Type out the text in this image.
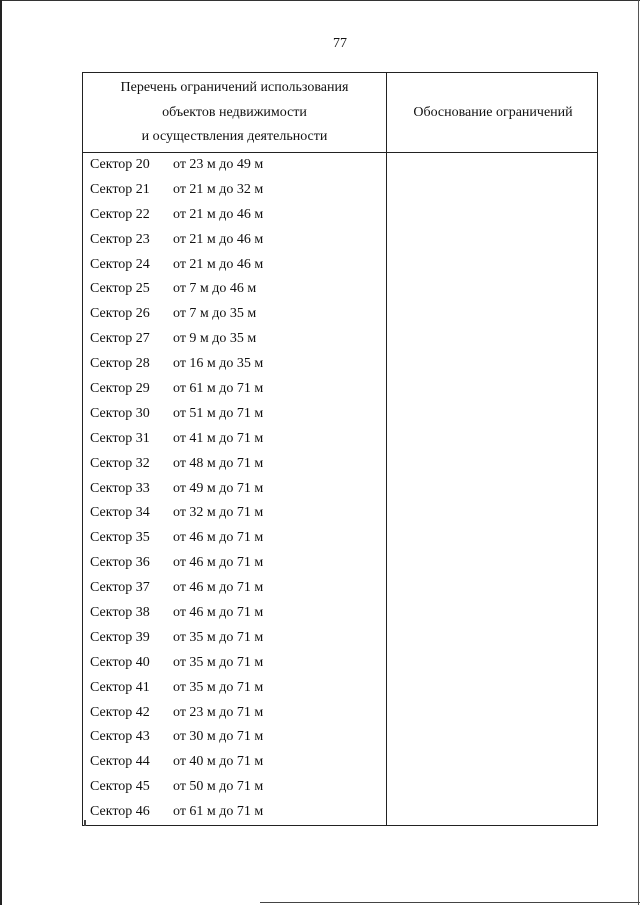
77
Перечень ограничений использования
объектов недвижимости
и осуществления деятельности
Обоснование ограничений
Сектор 20 от 23 м до 49 м
Сектор 21 от 21 м до 32 м
Сектор 22 от 21 м до 46 м
Сектор 23 от 21 м до 46 м
Сектор 24 от 21 м до 46 м
Сектор 25 от 7 м до 46 м
Сектор 26 от 7 м до 35 м
Сектор 27 от 9 м до 35 м
Сектор 28 от 16 м до 35 м
Сектор 29 от 61 м до 71 м
Сектор 30 от 51 м до 71 м
Сектор 31 от 41 м до 71 м
Сектор 32 от 48 м до 71 м
Сектор 33 от 49 м до 71 м
Сектор 34 от 32 м до 71 м
Сектор 35 от 46 м до 71 м
Сектор 36 от 46 м до 71 м
Сектор 37 от 46 м до 71 м
Сектор 38 от 46 м до 71 м
Сектор 39 от 35 м до 71 м
Сектор 40 от 35 м до 71 м
Сектор 41 от 35 м до 71 м
Сектор 42 от 23 м до 71 м
Сектор 43 от 30 м до 71 м
Сектор 44 от 40 м до 71 м
Сектор 45 от 50 м до 71 м
Сектор 46 от 61 м до 71 м
